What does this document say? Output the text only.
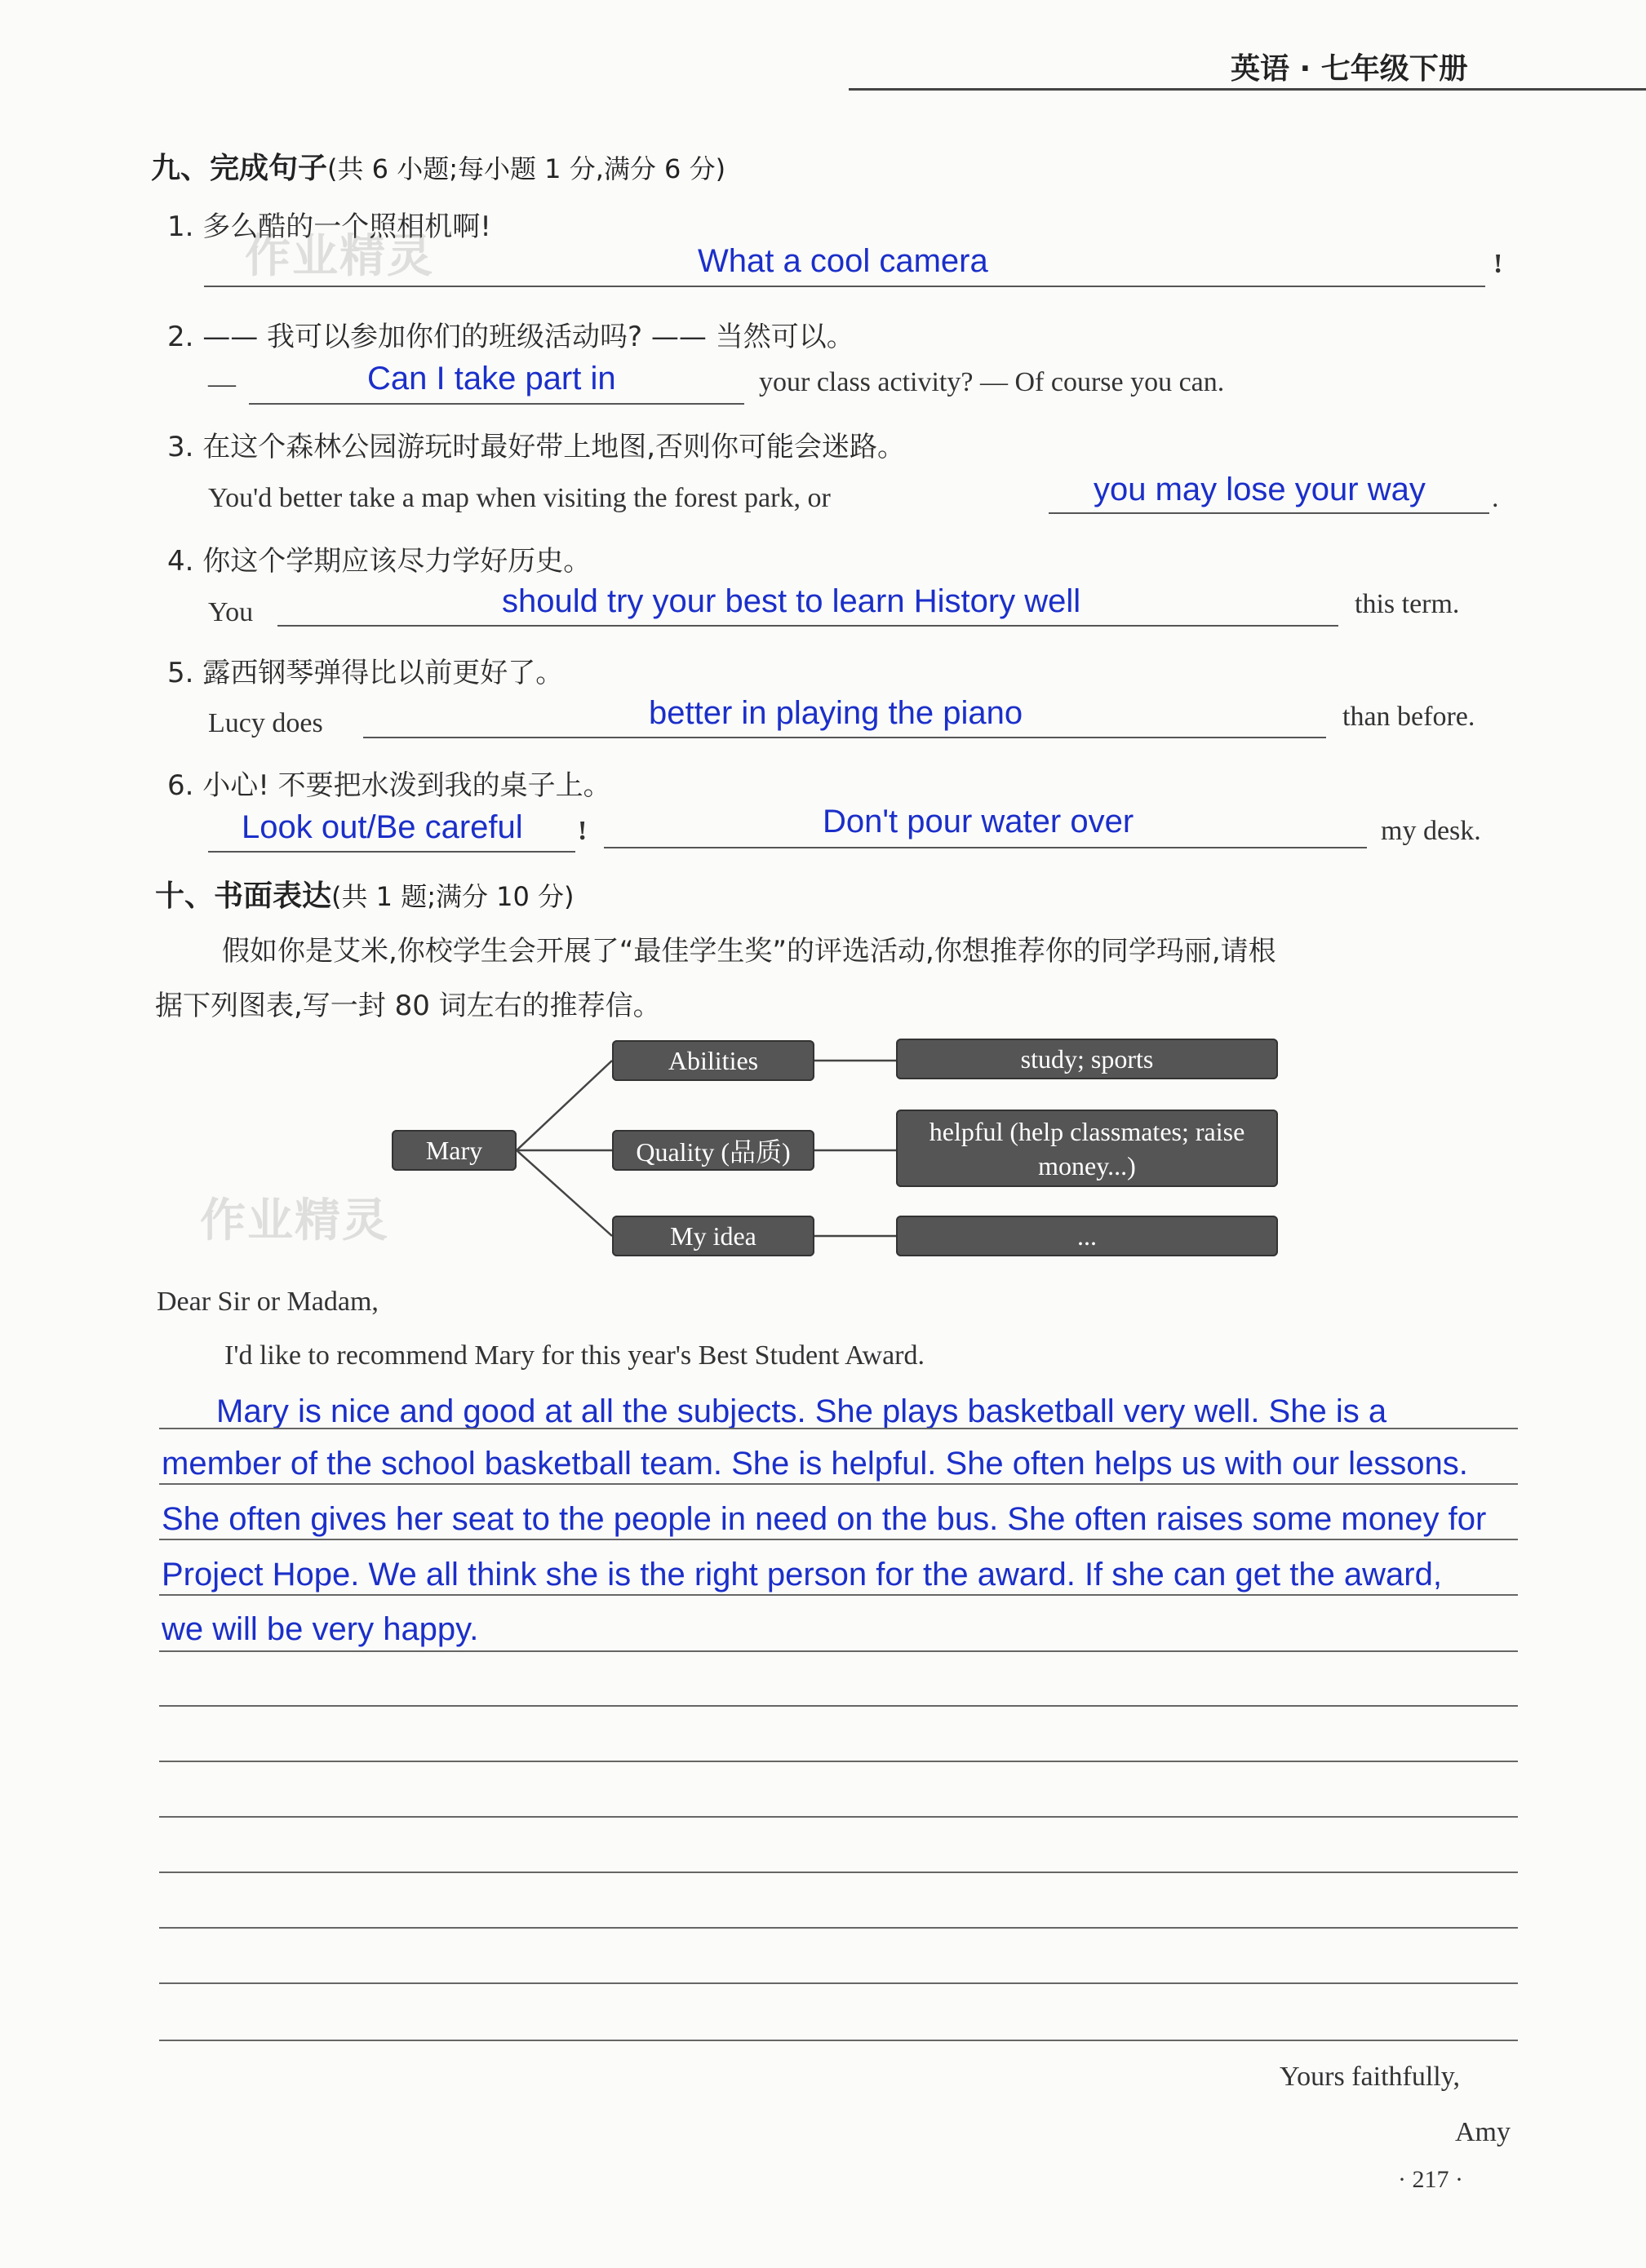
英语 · 七年级下册
九、完成句子(共 6 小题;每小题 1 分,满分 6 分)
1. 多么酷的一个照相机啊!
What a cool camera	!
2. —— 我可以参加你们的班级活动吗? —— 当然可以。
—	Can I take part in	your class activity? — Of course you can.
3. 在这个森林公园游玩时最好带上地图,否则你可能会迷路。
You'd better take a map when visiting the forest park, or	you may lose your way .
4. 你这个学期应该尽力学好历史。
You	should try your best to learn History well	this term.
5. 露西钢琴弹得比以前更好了。
Lucy does	better in playing the piano	than before.
6. 小心! 不要把水泼到我的桌子上。
Look out/Be careful !	Don't pour water over	my desk.
十、书面表达(共 1 题;满分 10 分)
假如你是艾米,你校学生会开展了“最佳学生奖”的评选活动,你想推荐你的同学玛丽,请根
据下列图表,写一封 80 词左右的推荐信。
Mary
Abilities
Quality (品质)
My idea
study; sports
helpful (help classmates; raise money...)
...
Dear Sir or Madam,
I'd like to recommend Mary for this year's Best Student Award.
Mary is nice and good at all the subjects. She plays basketball very well. She is a
member of the school basketball team. She is helpful. She often helps us with our lessons.
She often gives her seat to the people in need on the bus. She often raises some money for
Project Hope. We all think she is the right person for the award. If she can get the award,
we will be very happy.
Yours faithfully,
Amy
· 217 ·
作业精灵
作业精灵
